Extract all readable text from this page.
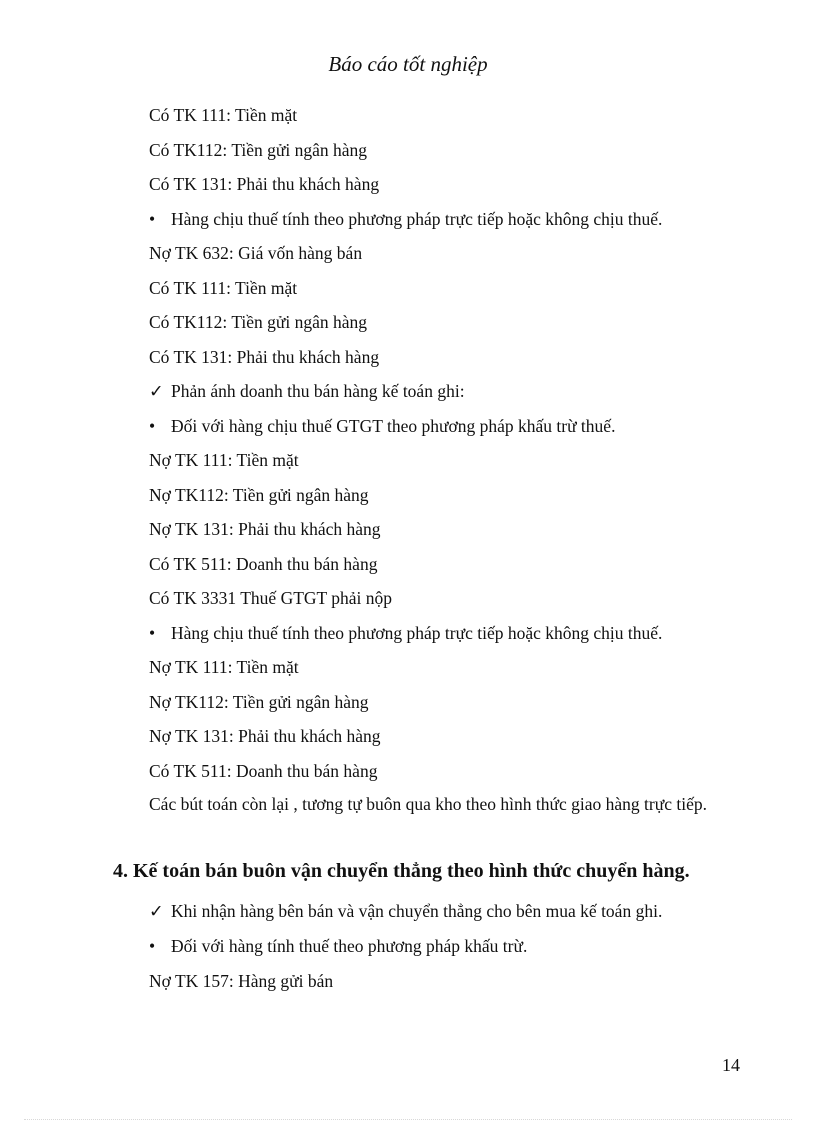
Báo cáo tốt nghiệp
Có TK 111: Tiền mặt
Có TK112: Tiền gửi ngân hàng
Có TK 131: Phải thu khách hàng
• Hàng chịu thuế tính theo phương pháp trực tiếp hoặc không chịu thuế.
Nợ TK 632: Giá vốn hàng bán
Có TK 111: Tiền mặt
Có TK112: Tiền gửi ngân hàng
Có TK 131: Phải thu khách hàng
✓ Phản ánh doanh thu bán hàng kế toán ghi:
• Đối với hàng chịu thuế GTGT theo phương pháp khấu trừ thuế.
Nợ TK 111: Tiền mặt
Nợ TK112: Tiền gửi ngân hàng
Nợ TK 131: Phải thu khách hàng
Có TK 511: Doanh thu bán hàng
Có TK 3331 Thuế GTGT phải nộp
• Hàng chịu thuế tính theo phương pháp trực tiếp hoặc không chịu thuế.
Nợ TK 111: Tiền mặt
Nợ TK112: Tiền gửi ngân hàng
Nợ TK 131: Phải thu khách hàng
Có TK 511: Doanh thu bán hàng
Các bút toán còn lại , tương tự buôn qua kho theo hình thức giao hàng trực tiếp.
4. Kế toán bán buôn vận chuyển thẳng theo hình thức chuyển hàng.
✓ Khi nhận hàng bên bán và vận chuyển thẳng cho bên mua kế toán ghi.
• Đối với hàng tính thuế theo phương pháp khấu trừ.
Nợ TK 157: Hàng gửi bán
14
